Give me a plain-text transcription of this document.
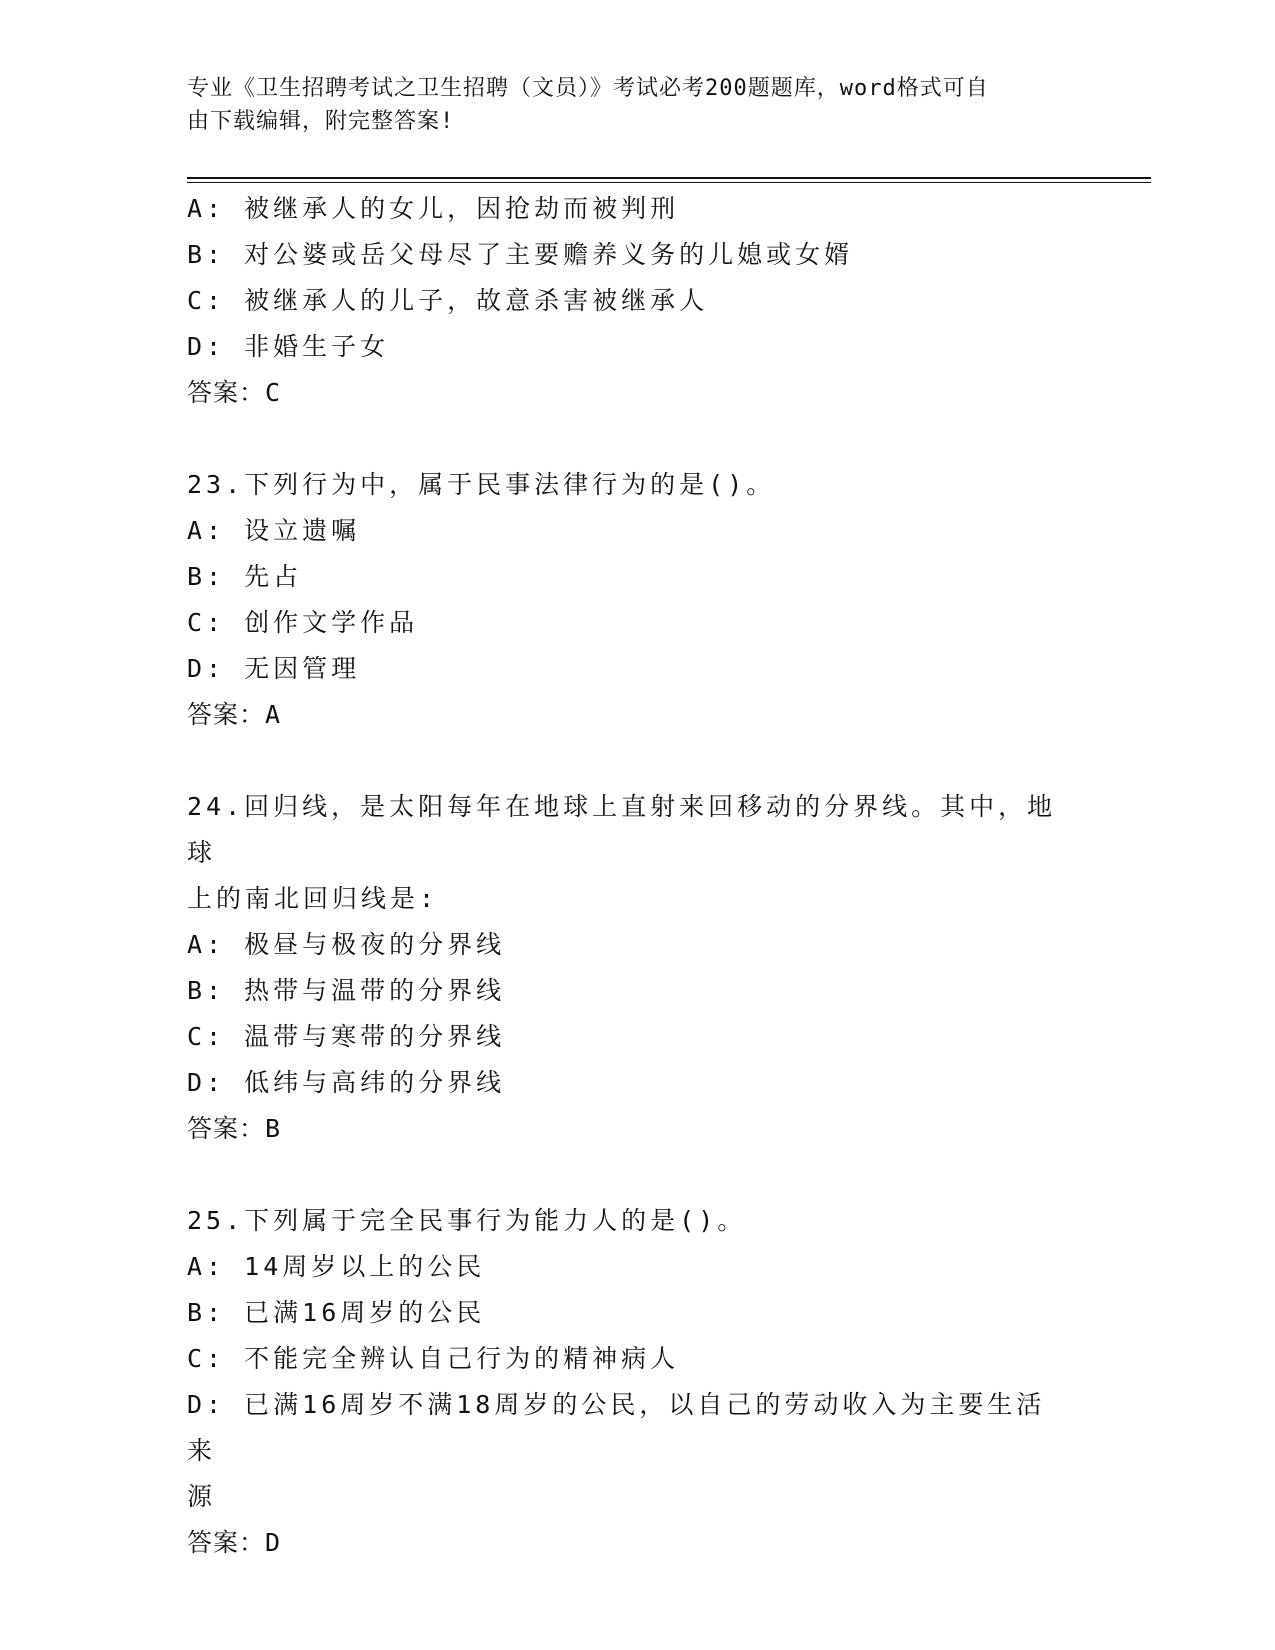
专业《卫生招聘考试之卫生招聘（文员）》考试必考200题题库，word格式可自
由下载编辑，附完整答案!

A: 被继承人的女儿，因抢劫而被判刑

B: 对公婆或岳父母尽了主要赡养义务的儿媳或女婿

C: 被继承人的儿子，故意杀害被继承人

D: 非婚生子女

答案：C

23.下列行为中，属于民事法律行为的是()。

A: 设立遗嘱

B: 先占

C: 创作文学作品

D: 无因管理

答案：A

24.回归线，是太阳每年在地球上直射来回移动的分界线。其中，地球

上的南北回归线是:

A: 极昼与极夜的分界线

B: 热带与温带的分界线

C: 温带与寒带的分界线

D: 低纬与高纬的分界线

答案：B

25.下列属于完全民事行为能力人的是()。

A: 14周岁以上的公民

B: 已满16周岁的公民

C: 不能完全辨认自己行为的精神病人

D: 已满16周岁不满18周岁的公民，以自己的劳动收入为主要生活来

源

答案：D
